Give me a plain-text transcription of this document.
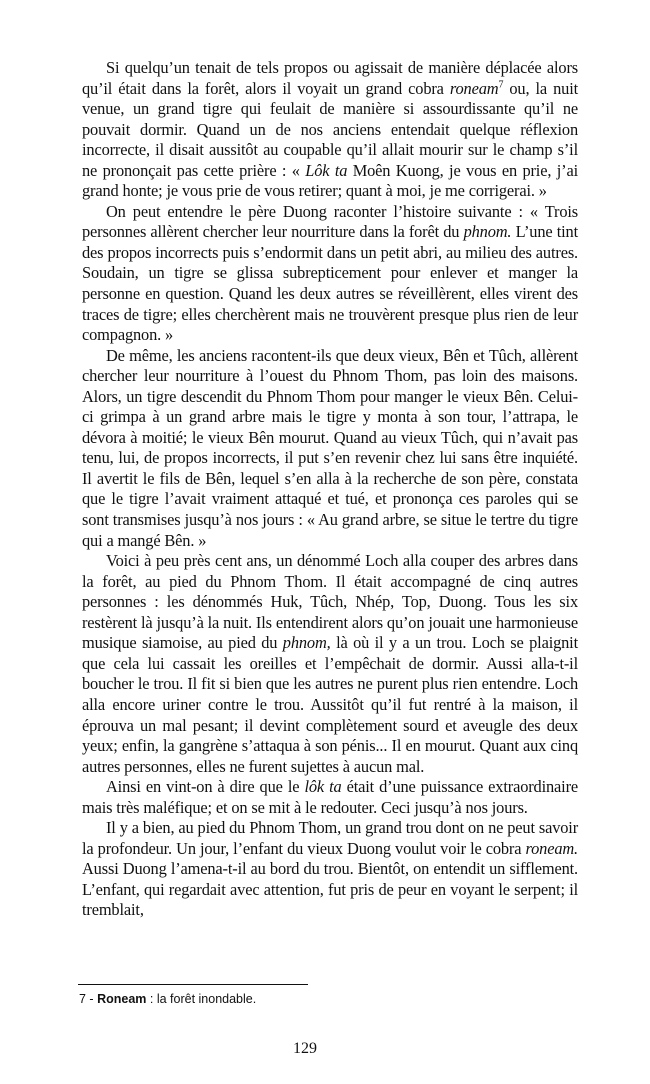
Si quelqu’un tenait de tels propos ou agissait de manière déplacée alors qu’il était dans la forêt, alors il voyait un grand cobra roneam$^7$ ou, la nuit venue, un grand tigre qui feulait de manière si assourdissante qu’il ne pouvait dormir. Quand un de nos anciens entendait quelque réflexion incorrecte, il disait aussitôt au coupable qu’il allait mourir sur le champ s’il ne prononçait pas cette prière : « Lôk ta Moên Kuong, je vous en prie, j’ai grand honte; je vous prie de vous retirer; quant à moi, je me corrigerai. »

On peut entendre le père Duong raconter l’histoire suivante : « Trois personnes allèrent chercher leur nourriture dans la forêt du phnom. L’une tint des propos incorrects puis s’endormit dans un petit abri, au milieu des autres. Soudain, un tigre se glissa subrepticement pour enlever et manger la personne en question. Quand les deux autres se réveillèrent, elles virent des traces de tigre; elles cherchèrent mais ne trouvèrent presque plus rien de leur compagnon. »

De même, les anciens racontent-ils que deux vieux, Bên et Tûch, allèrent chercher leur nourriture à l’ouest du Phnom Thom, pas loin des maisons. Alors, un tigre descendit du Phnom Thom pour manger le vieux Bên. Celui-ci grimpa à un grand arbre mais le tigre y monta à son tour, l’attrapa, le dévora à moitié; le vieux Bên mourut. Quand au vieux Tûch, qui n’avait pas tenu, lui, de propos incorrects, il put s’en revenir chez lui sans être inquiété. Il avertit le fils de Bên, lequel s’en alla à la recherche de son père, constata que le tigre l’avait vraiment attaqué et tué, et prononça ces paroles qui se sont transmises jusqu’à nos jours : « Au grand arbre, se situe le tertre du tigre qui a mangé Bên. »

Voici à peu près cent ans, un dénommé Loch alla couper des arbres dans la forêt, au pied du Phnom Thom. Il était accompagné de cinq autres personnes : les dénommés Huk, Tûch, Nhép, Top, Duong. Tous les six restèrent là jusqu’à la nuit. Ils entendirent alors qu’on jouait une harmonieuse musique siamoise, au pied du phnom, là où il y a un trou. Loch se plaignit que cela lui cassait les oreilles et l’empêchait de dormir. Aussi alla-t-il boucher le trou. Il fit si bien que les autres ne purent plus rien entendre. Loch alla encore uriner contre le trou. Aussitôt qu’il fut rentré à la maison, il éprouva un mal pesant; il devint complètement sourd et aveugle des deux yeux; enfin, la gangrène s’attaqua à son pénis... Il en mourut. Quant aux cinq autres personnes, elles ne furent sujettes à aucun mal.

Ainsi en vint-on à dire que le lôk ta était d’une puissance extraordinaire mais très maléfique; et on se mit à le redouter. Ceci jusqu’à nos jours.

Il y a bien, au pied du Phnom Thom, un grand trou dont on ne peut savoir la profondeur. Un jour, l’enfant du vieux Duong voulut voir le cobra roneam. Aussi Duong l’amena-t-il au bord du trou. Bientôt, on entendit un sifflement. L’enfant, qui regardait avec attention, fut pris de peur en voyant le serpent; il tremblait,

7 - Roneam : la forêt inondable.
129
